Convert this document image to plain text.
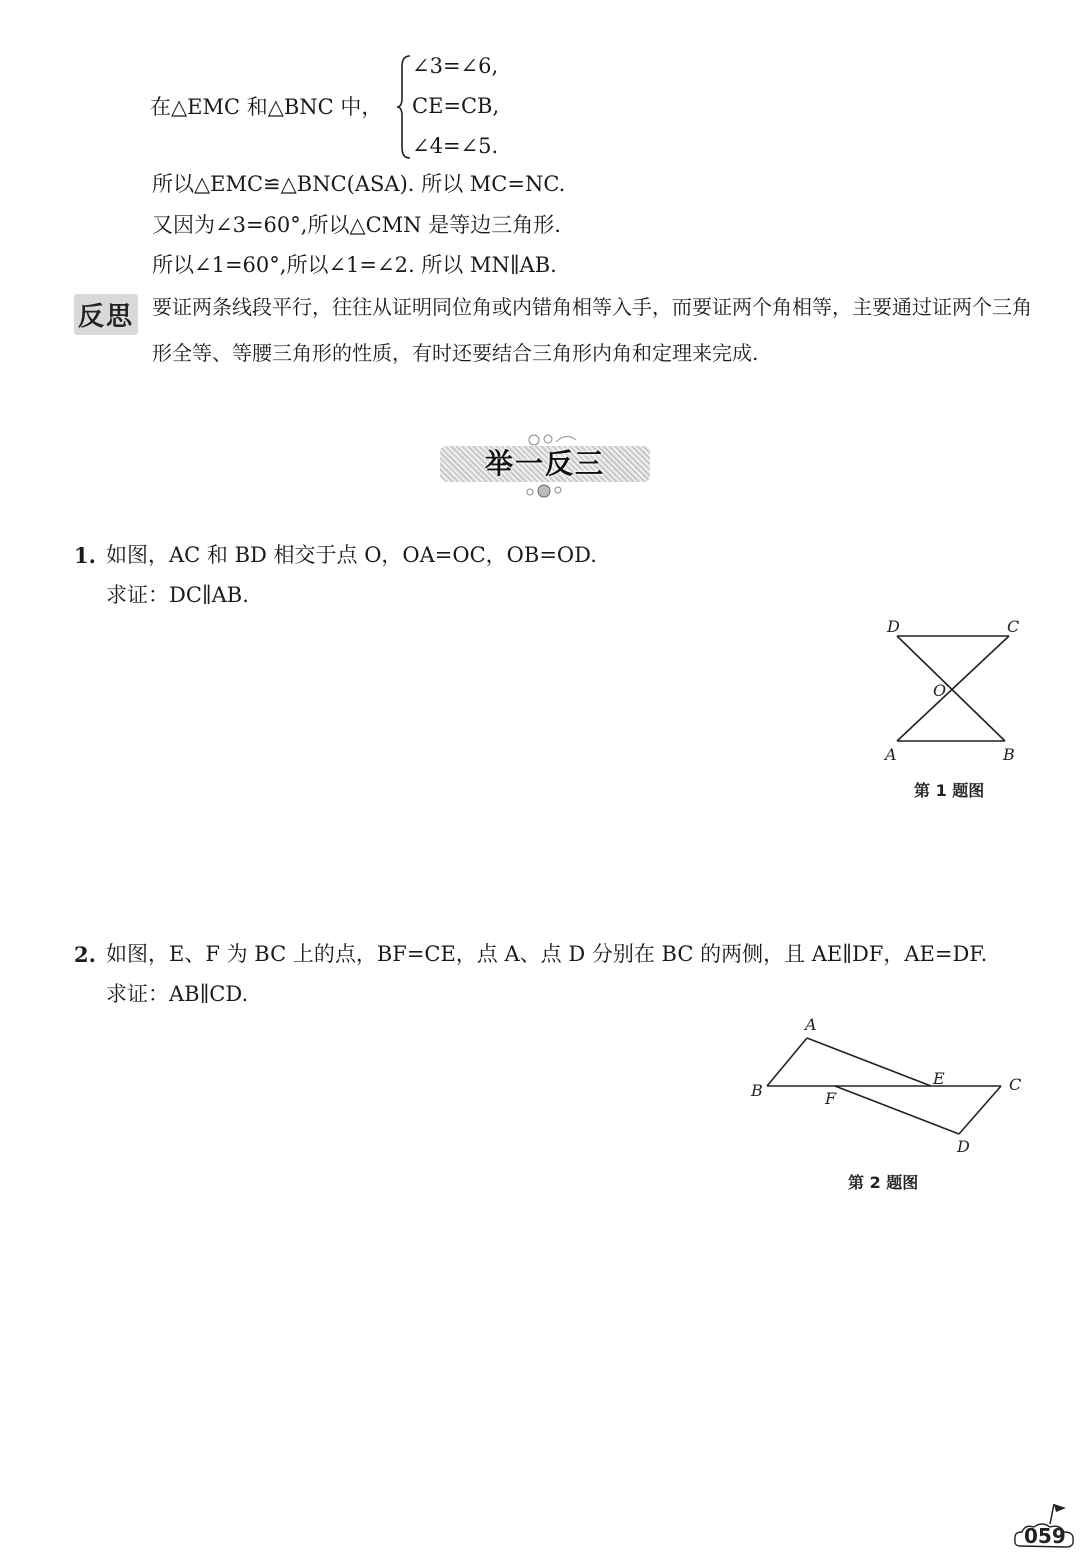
在△EMC 和△BNC 中，
∠3=∠6,
CE=CB,
∠4=∠5.
所以△EMC≌△BNC(ASA). 所以 MC=NC.
又因为∠3=60°,所以△CMN 是等边三角形.
所以∠1=60°,所以∠1=∠2. 所以 MN∥AB.
反思 要证两条线段平行，往往从证明同位角或内错角相等入手，而要证两个角相等，主要通过证两个三角形全等、等腰三角形的性质，有时还要结合三角形内角和定理来完成.
举一反三
1. 如图，AC 和 BD 相交于点 O，OA=OC，OB=OD.
求证：DC∥AB.
D	C
O
A	B
第 1 题图
2. 如图，E、F 为 BC 上的点，BF=CE，点 A、点 D 分别在 BC 的两侧，且 AE∥DF，AE=DF.
求证：AB∥CD.
A
B	C
D
E
F
第 2 题图
059
